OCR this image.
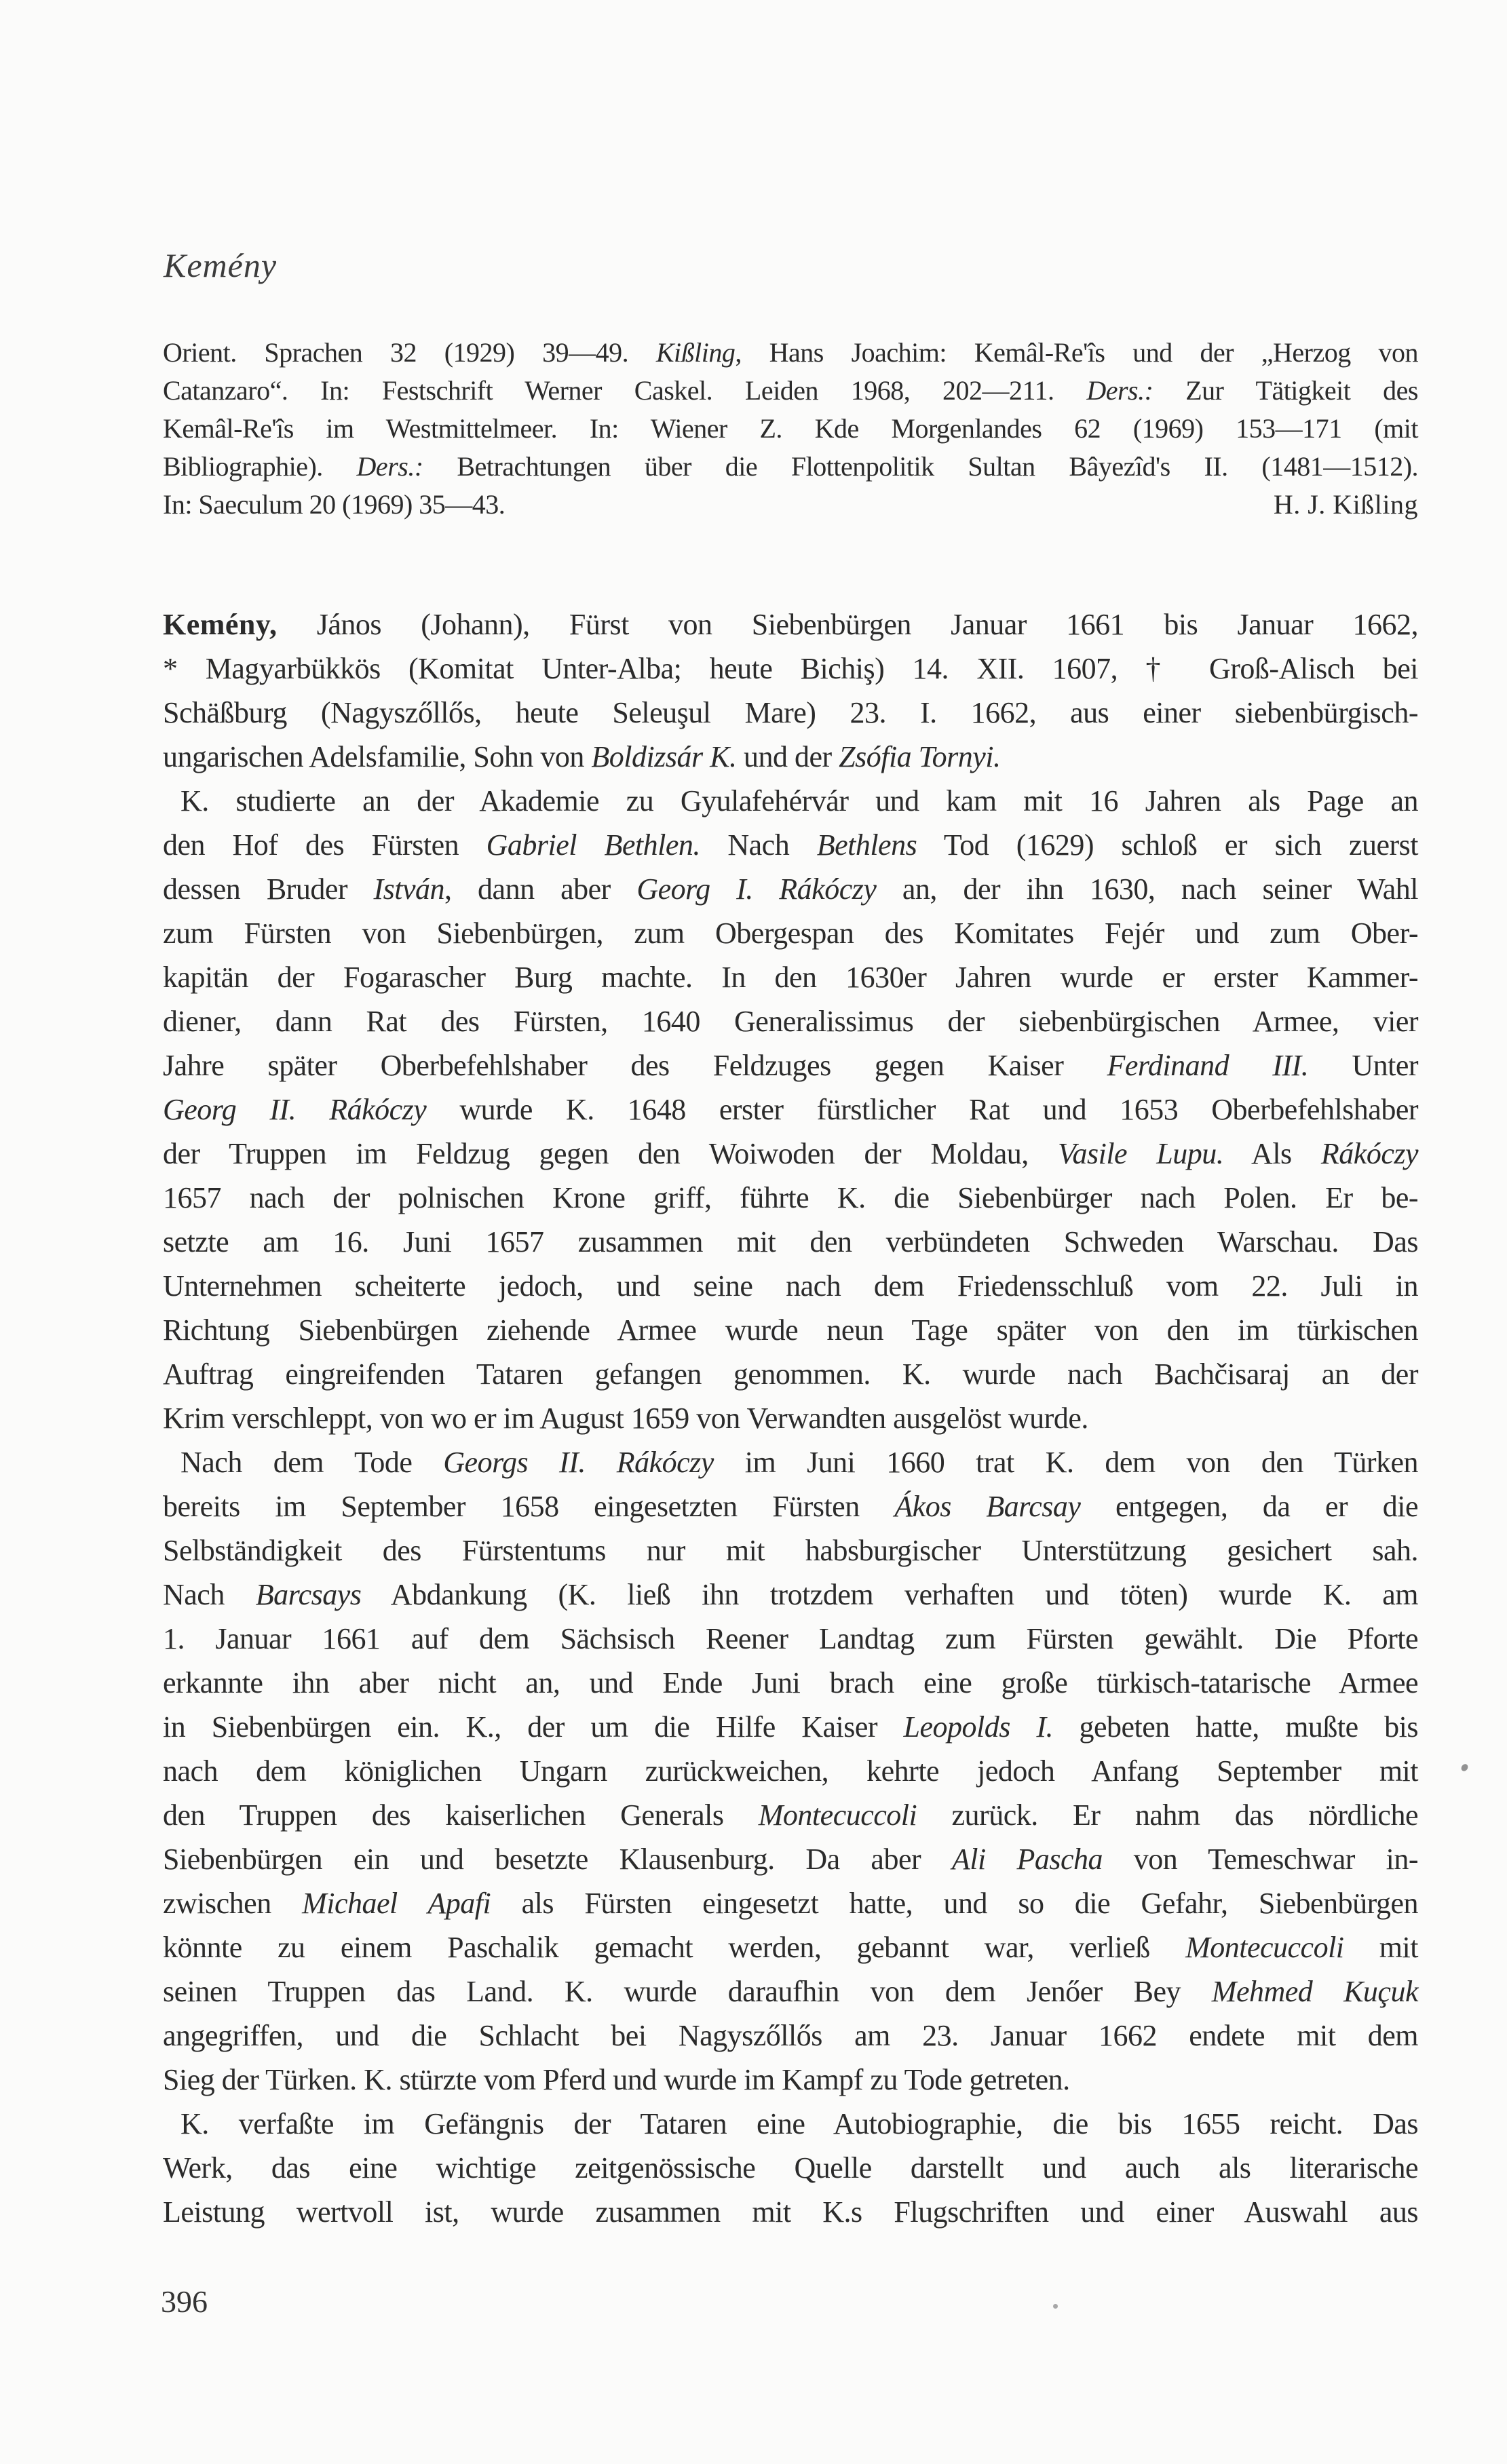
Kemény
Orient. Sprachen 32 (1929) 39—49. Kißling, Hans Joachim: Kemâl-Re'îs und der „Herzog von
Catanzaro“. In: Festschrift Werner Caskel. Leiden 1968, 202—211. Ders.: Zur Tätigkeit des
Kemâl-Re'îs im Westmittelmeer. In: Wiener Z. Kde Morgenlandes 62 (1969) 153—171 (mit
Bibliographie). Ders.: Betrachtungen über die Flottenpolitik Sultan Bâyezîd's II. (1481—1512).
H. J. Kißling
In: Saeculum 20 (1969) 35—43.
Kemény, János (Johann), Fürst von Siebenbürgen Januar 1661 bis Januar 1662,
* Magyarbükkös (Komitat Unter-Alba; heute Bichiş) 14. XII. 1607, † Groß-Alisch bei
Schäßburg (Nagyszőllős, heute Seleuşul Mare) 23. I. 1662, aus einer siebenbürgisch-
ungarischen Adelsfamilie, Sohn von Boldizsár K. und der Zsófia Tornyi.
K. studierte an der Akademie zu Gyulafehérvár und kam mit 16 Jahren als Page an
den Hof des Fürsten Gabriel Bethlen. Nach Bethlens Tod (1629) schloß er sich zuerst
dessen Bruder István, dann aber Georg I. Rákóczy an, der ihn 1630, nach seiner Wahl
zum Fürsten von Siebenbürgen, zum Obergespan des Komitates Fejér und zum Ober-
kapitän der Fogarascher Burg machte. In den 1630er Jahren wurde er erster Kammer-
diener, dann Rat des Fürsten, 1640 Generalissimus der siebenbürgischen Armee, vier
Jahre später Oberbefehlshaber des Feldzuges gegen Kaiser Ferdinand III. Unter
Georg II. Rákóczy wurde K. 1648 erster fürstlicher Rat und 1653 Oberbefehlshaber
der Truppen im Feldzug gegen den Woiwoden der Moldau, Vasile Lupu. Als Rákóczy
1657 nach der polnischen Krone griff, führte K. die Siebenbürger nach Polen. Er be-
setzte am 16. Juni 1657 zusammen mit den verbündeten Schweden Warschau. Das
Unternehmen scheiterte jedoch, und seine nach dem Friedensschluß vom 22. Juli in
Richtung Siebenbürgen ziehende Armee wurde neun Tage später von den im türkischen
Auftrag eingreifenden Tataren gefangen genommen. K. wurde nach Bachčisaraj an der
Krim verschleppt, von wo er im August 1659 von Verwandten ausgelöst wurde.
Nach dem Tode Georgs II. Rákóczy im Juni 1660 trat K. dem von den Türken
bereits im September 1658 eingesetzten Fürsten Ákos Barcsay entgegen, da er die
Selbständigkeit des Fürstentums nur mit habsburgischer Unterstützung gesichert sah.
Nach Barcsays Abdankung (K. ließ ihn trotzdem verhaften und töten) wurde K. am
1. Januar 1661 auf dem Sächsisch Reener Landtag zum Fürsten gewählt. Die Pforte
erkannte ihn aber nicht an, und Ende Juni brach eine große türkisch-tatarische Armee
in Siebenbürgen ein. K., der um die Hilfe Kaiser Leopolds I. gebeten hatte, mußte bis
nach dem königlichen Ungarn zurückweichen, kehrte jedoch Anfang September mit
den Truppen des kaiserlichen Generals Montecuccoli zurück. Er nahm das nördliche
Siebenbürgen ein und besetzte Klausenburg. Da aber Ali Pascha von Temeschwar in-
zwischen Michael Apafi als Fürsten eingesetzt hatte, und so die Gefahr, Siebenbürgen
könnte zu einem Paschalik gemacht werden, gebannt war, verließ Montecuccoli mit
seinen Truppen das Land. K. wurde daraufhin von dem Jenőer Bey Mehmed Kuçuk
angegriffen, und die Schlacht bei Nagyszőllős am 23. Januar 1662 endete mit dem
Sieg der Türken. K. stürzte vom Pferd und wurde im Kampf zu Tode getreten.
K. verfaßte im Gefängnis der Tataren eine Autobiographie, die bis 1655 reicht. Das
Werk, das eine wichtige zeitgenössische Quelle darstellt und auch als literarische
Leistung wertvoll ist, wurde zusammen mit K.s Flugschriften und einer Auswahl aus
396
